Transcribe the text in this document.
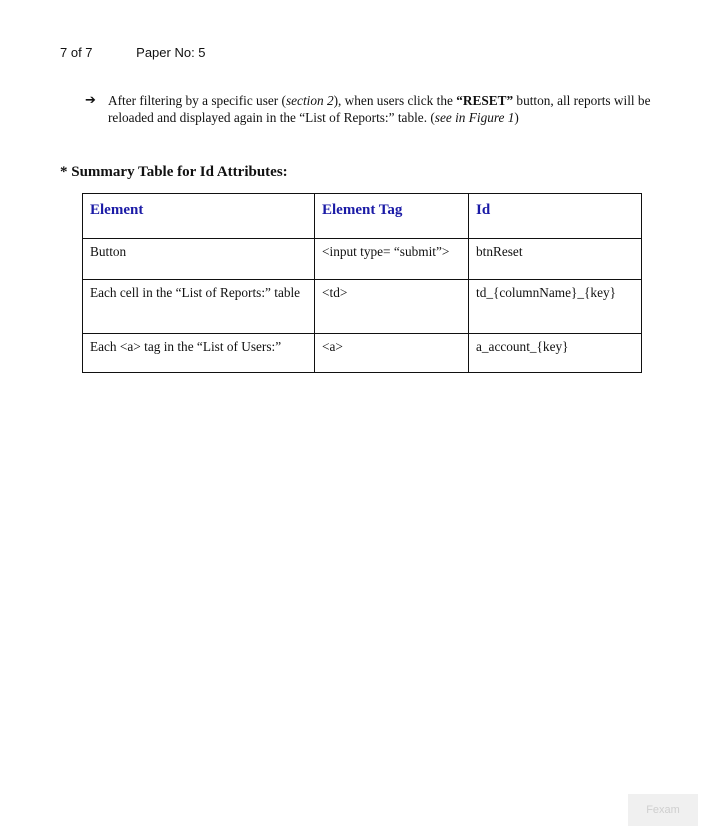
7 of 7	Paper No: 5
➔ After filtering by a specific user (section 2), when users click the “RESET” button, all reports will be reloaded and displayed again in the “List of Reports:” table. (see in Figure 1)
* Summary Table for Id Attributes:
Element	Element Tag	Id
Button	<input type= “submit”>	btnReset
Each cell in the “List of Reports:” table	<td>	td_{columnName}_{key}
Each <a> tag in the “List of Users:”	<a>	a_account_{key}
Fexam
